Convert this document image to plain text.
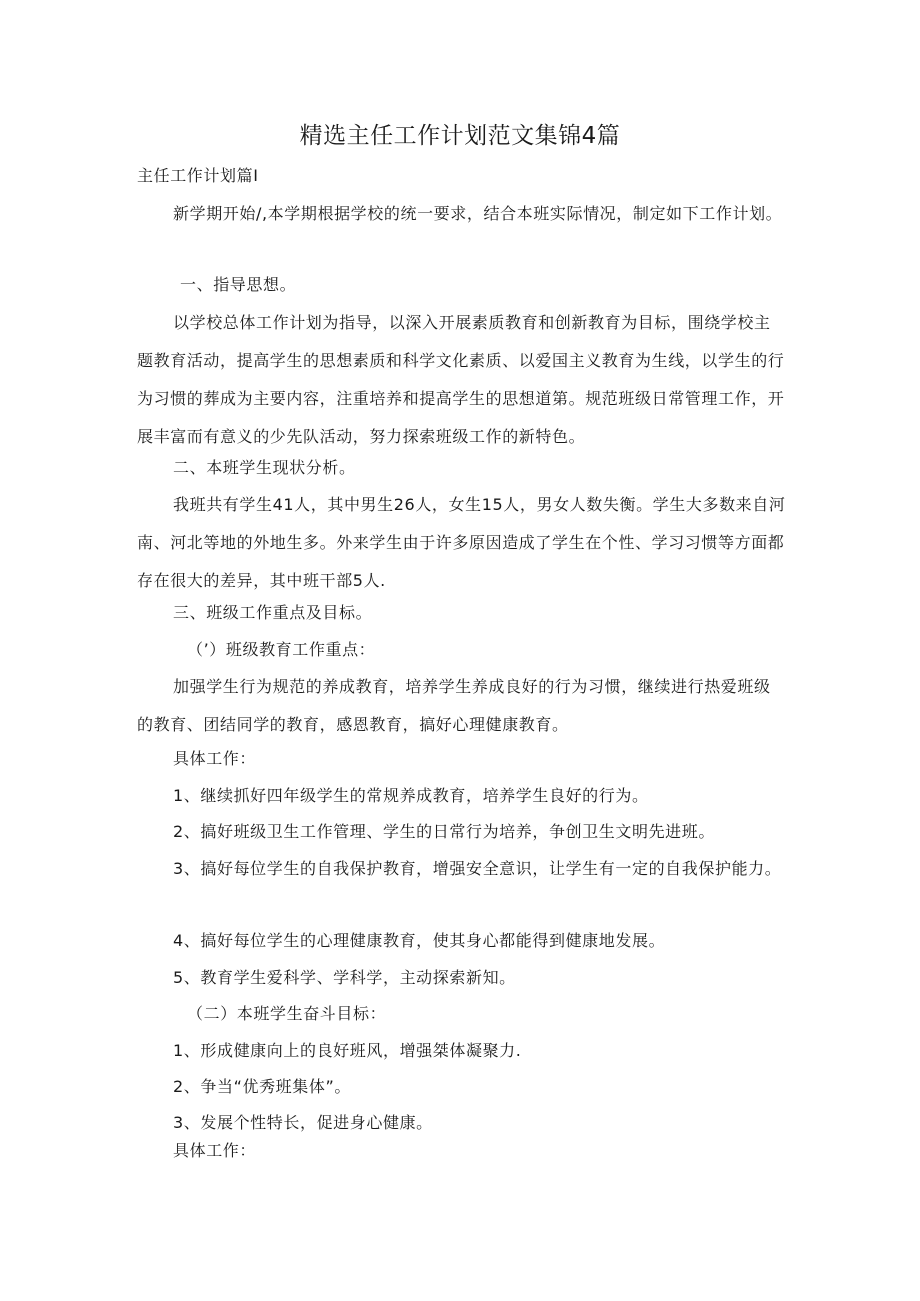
精选主任工作计划范文集锦4篇

主任工作计划篇I

新学期开始/,本学期根据学校的统一要求，结合本班实际情况，制定如下工作计划。

一、指导思想。

以学校总体工作计划为指导，以深入开展素质教育和创新教育为目标，围绕学校主题教育活动，提高学生的思想素质和科学文化素质、以爱国主义教育为生线，以学生的行为习惯的葬成为主要内容，注重培养和提高学生的思想道第。规范班级日常管理工作，开展丰富而有意义的少先队活动，努力探索班级工作的新特色。

二、本班学生现状分析。

我班共有学生41人，其中男生26人，女生15人，男女人数失衡。学生大多数来自河南、河北等地的外地生多。外来学生由于许多原因造成了学生在个性、学习习惯等方面都存在很大的差异，其中班干部5人.

三、班级工作重点及目标。

（’）班级教育工作重点：

加强学生行为规范的养成教育，培养学生养成良好的行为习惯，继续进行热爱班级的教育、团结同学的教育，感恩教育，搞好心理健康教育。

具体工作：

1、继续抓好四年级学生的常规养成教育，培养学生良好的行为。

2、搞好班级卫生工作管理、学生的日常行为培养，争创卫生文明先进班。

3、搞好每位学生的自我保护教育，增强安全意识，让学生有一定的自我保护能力。

4、搞好每位学生的心理健康教育，使其身心都能得到健康地发展。

5、教育学生爱科学、学科学，主动探索新知。

（二）本班学生奋斗目标：

1、形成健康向上的良好班风，增强桀体凝聚力.

2、争当“优秀班集体”。

3、发展个性特长，促进身心健康。

具体工作：
